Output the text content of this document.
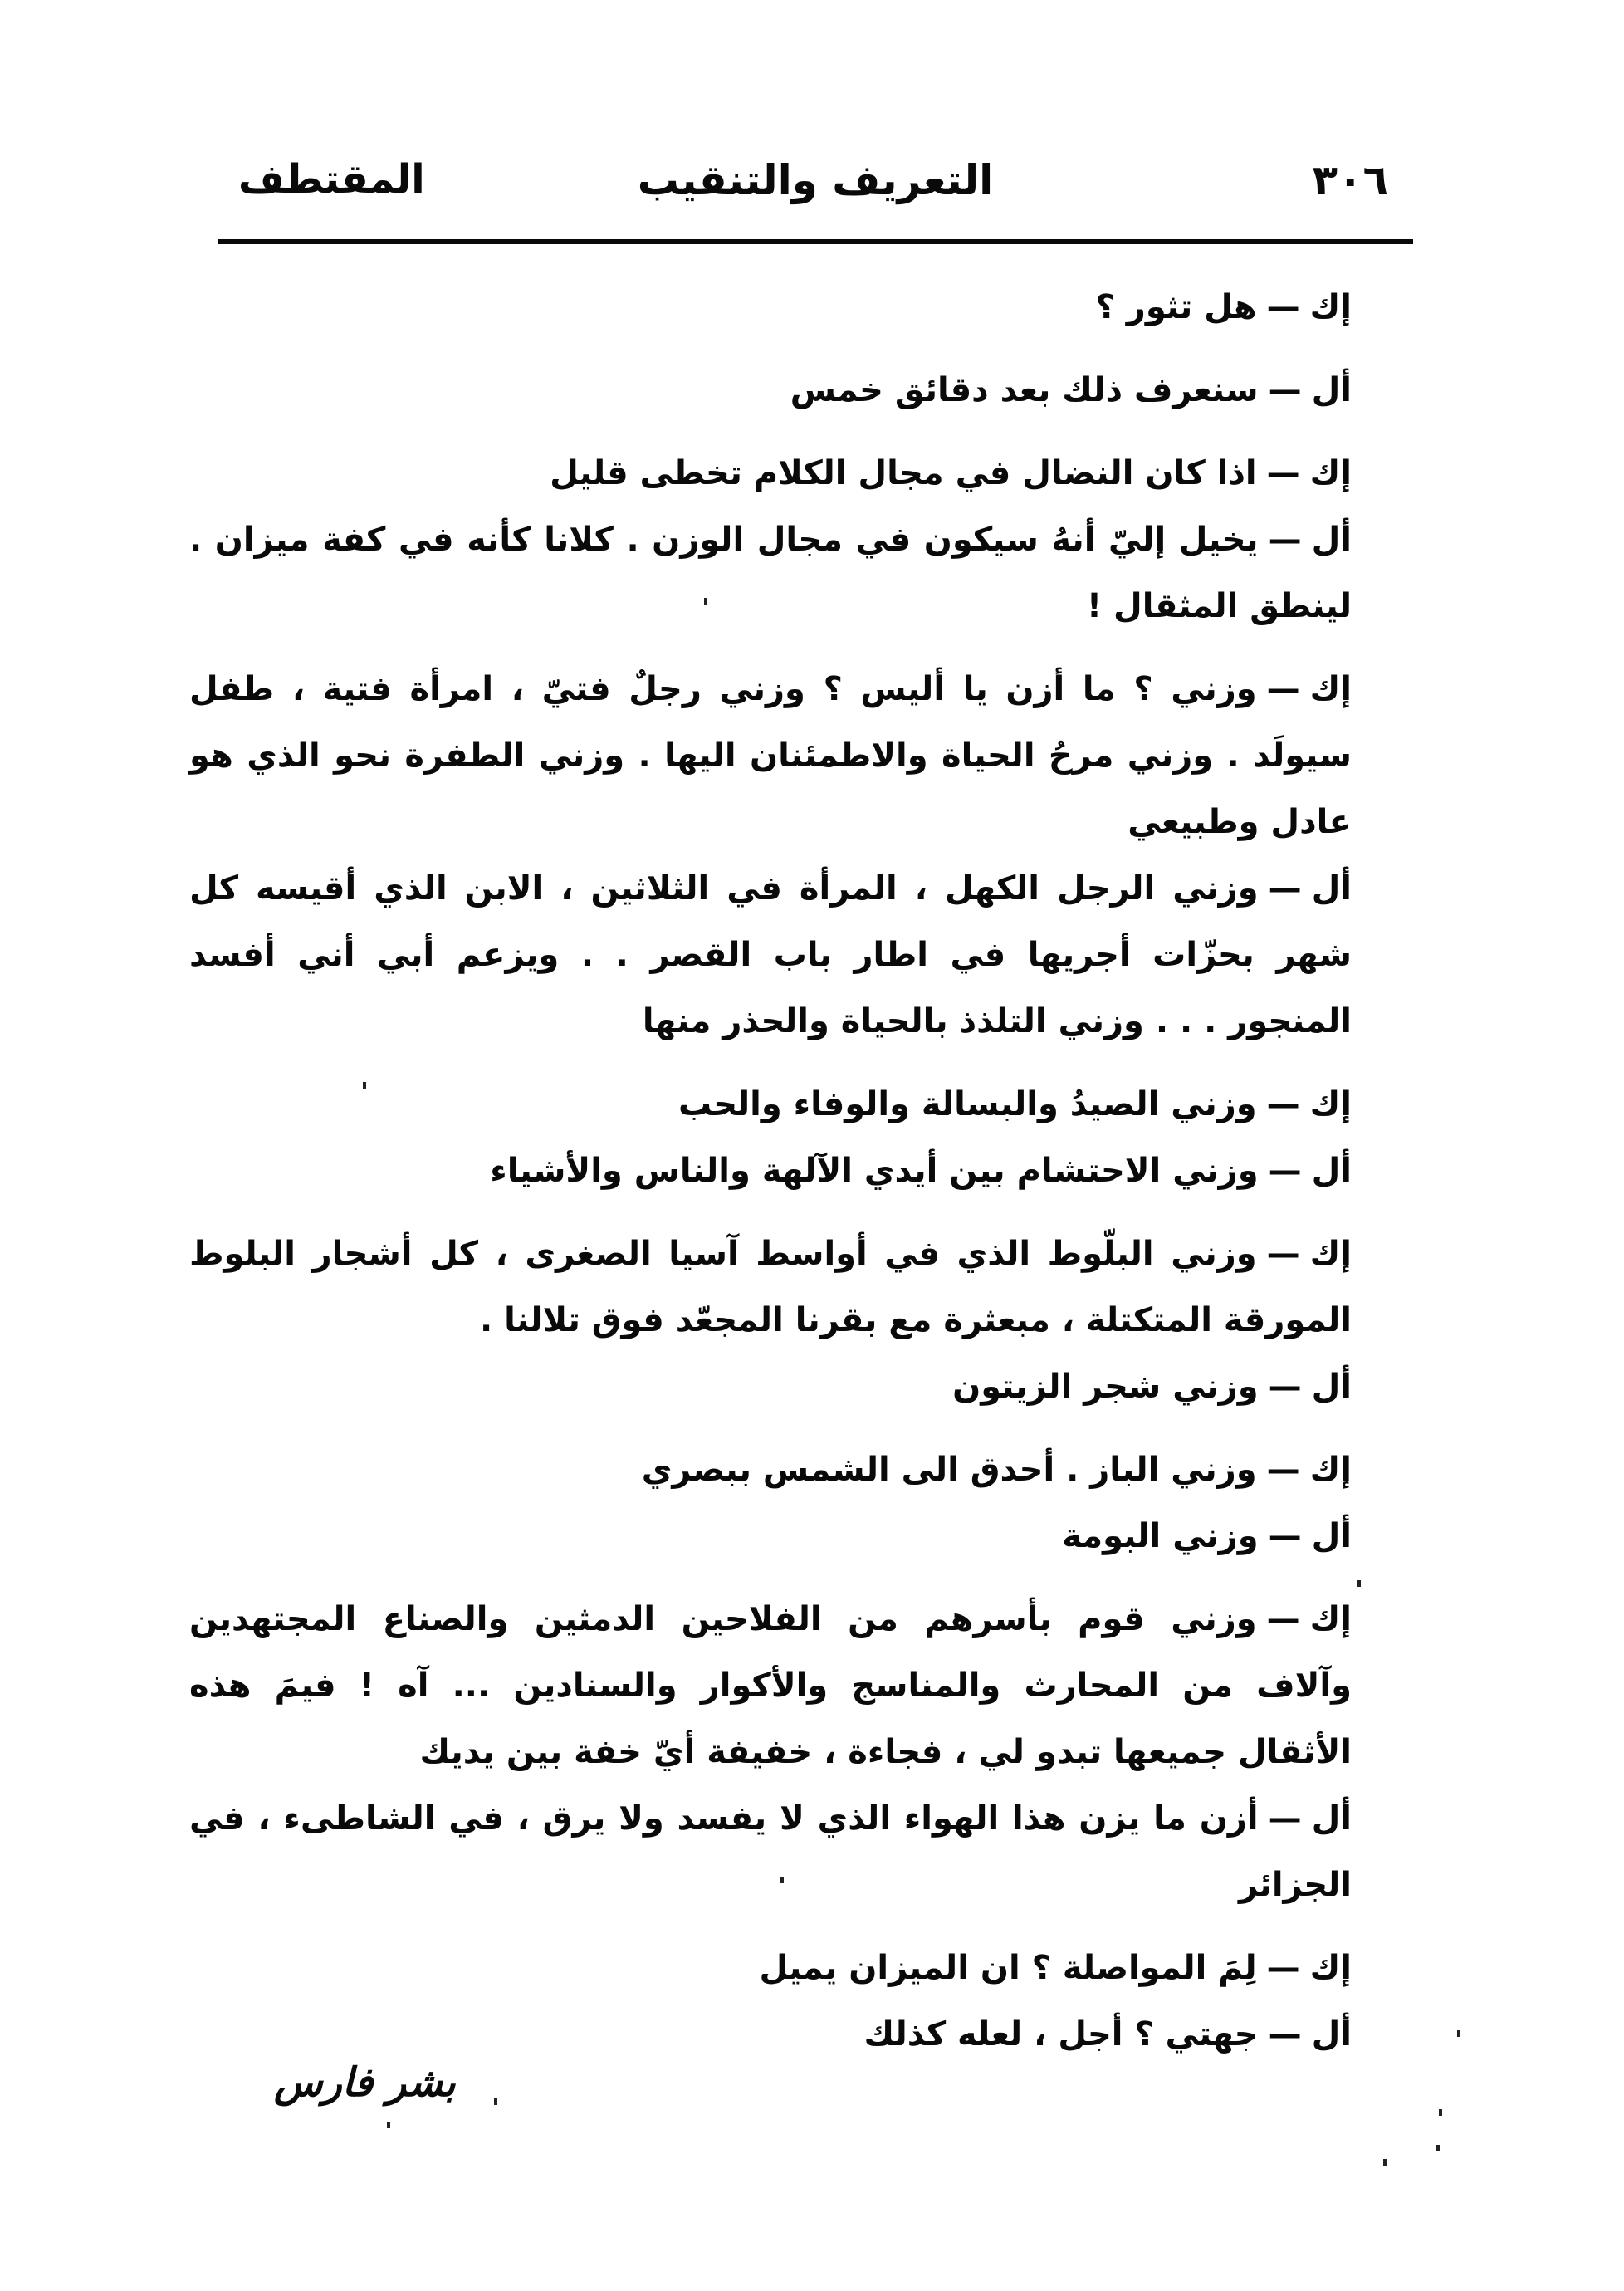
٣٠٦
التعريف والتنقيب
المقتطف

إك—هل تثور ؟

أل—سنعرف ذلك بعد دقائق خمس

إك—اذا كان النضال في مجال الكلام تخطى قليل

أل—يخيل إليّ أنهُ سيكون في مجال الوزن . كلانا كأنه في كفة ميزان . لينطق المثقال !

إك—وزني ؟ ما أزن يا أليس ؟ وزني رجلٌ فتيّ ، امرأة فتية ، طفل سيولَد . وزني مرحُ الحياة والاطمئنان اليها . وزني الطفرة نحو الذي هو عادل وطبيعي

أل—وزني الرجل الكهل ، المرأة في الثلاثين ، الابن الذي أقيسه كل شهر بحزّات أجريها في اطار باب القصر . . ويزعم أبي أني أفسد المنجور . . . وزني التلذذ بالحياة والحذر منها

إك—وزني الصيدُ والبسالة والوفاء والحب

أل—وزني الاحتشام بين أيدي الآلهة والناس والأشياء

إك—وزني البلّوط الذي في أواسط آسيا الصغرى ، كل أشجار البلوط المورقة المتكتلة ، مبعثرة مع بقرنا المجعّد فوق تلالنا .

أل—وزني شجر الزيتون

إك—وزني الباز . أحدق الى الشمس ببصري

أل—وزني البومة

إك—وزني قوم بأسرهم من الفلاحين الدمثين والصناع المجتهدين وآلاف من المحارث والمناسج والأكوار والسنادين ... آه ! فيمَ هذه الأثقال جميعها تبدو لي ، فجاءة ، خفيفة أيّ خفة بين يديك

أل—أزن ما يزن هذا الهواء الذي لا يفسد ولا يرق ، في الشاطىء ، في الجزائر

إك—لِمَ المواصلة ؟ ان الميزان يميل

أل—جهتي ؟ أجل ، لعله كذلك

بشر فارس
